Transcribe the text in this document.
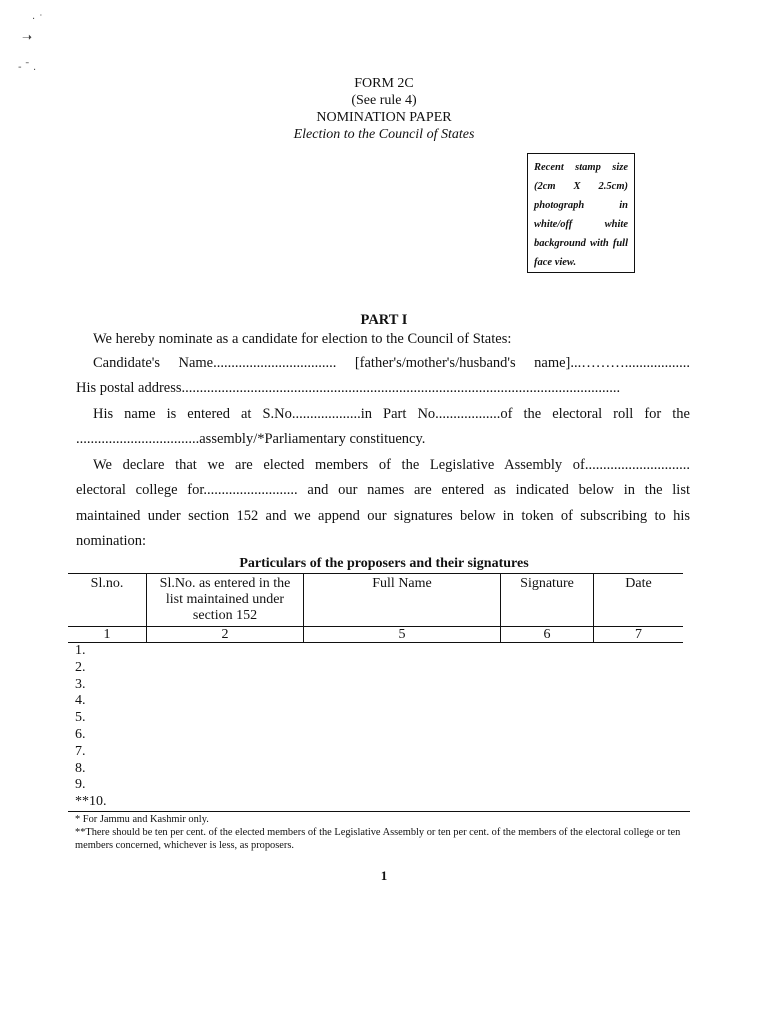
· ˙
➝
- ˉ .
FORM 2C
(See rule 4)
NOMINATION PAPER
Election to the Council of States
Recent stamp size (2cm X 2.5cm) photograph in white/off white background with full face view.
PART I
We hereby nominate as a candidate for election to the Council of States:
Candidate's Name.................................. [father's/mother's/husband's name]...………..................
His postal address.........................................................................................................................
His name is entered at S.No...................in Part No..................of the electoral roll for the
..................................assembly/*Parliamentary constituency.
We declare that we are elected members of the Legislative Assembly of.............................
electoral college for.......................... and our names are entered as indicated below in the list
maintained under section 152 and we append our signatures below in token of subscribing to his
nomination:
Particulars of the proposers and their signatures
Sl.no.	Sl.No. as entered in the list maintained under section 152	Full Name	Signature	Date
1	2	5	6	7
1.
2.
3.
4.
5.
6.
7.
8.
9.
**10.
* For Jammu and Kashmir only.
**There should be ten per cent. of the elected members of the Legislative Assembly or ten per cent. of the members of the electoral college or ten members concerned, whichever is less, as proposers.
1
